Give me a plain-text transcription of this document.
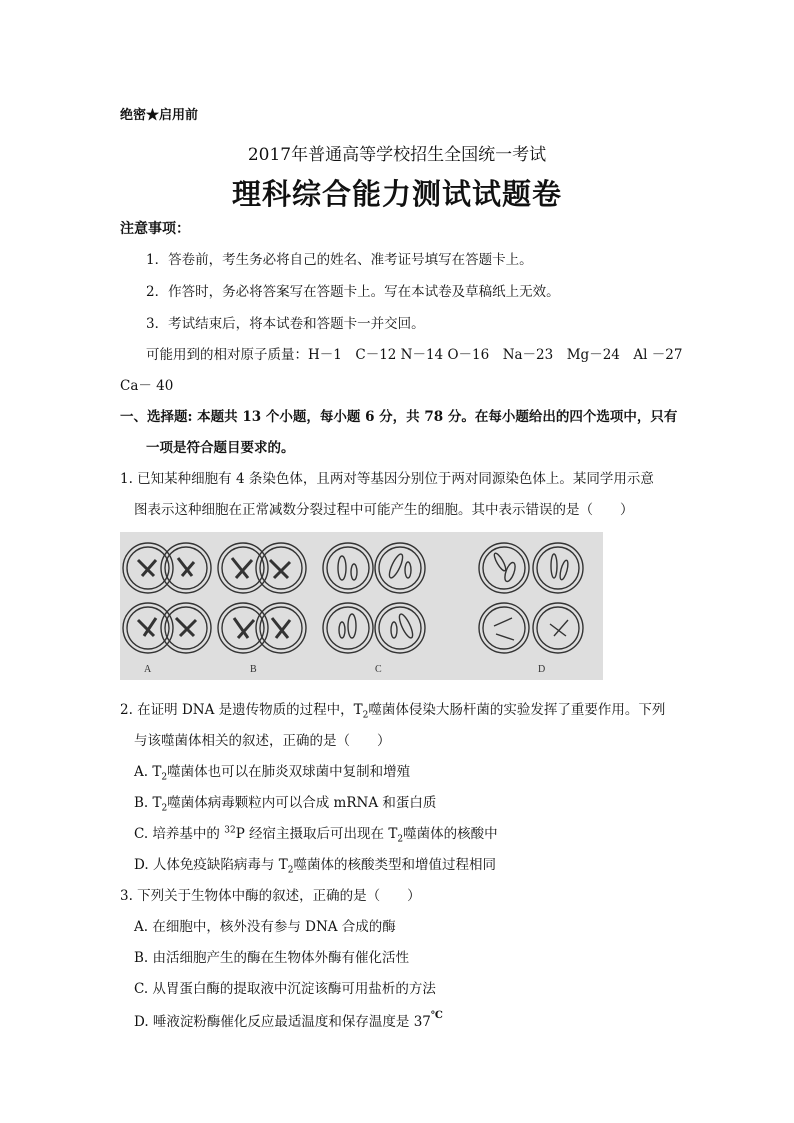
绝密★启用前
2017年普通高等学校招生全国统一考试
理科综合能力测试试题卷
注意事项：
1．答卷前，考生务必将自己的姓名、准考证号填写在答题卡上。
2．作答时，务必将答案写在答题卡上。写在本试卷及草稿纸上无效。
3．考试结束后，将本试卷和答题卡一并交回。
可能用到的相对原子质量：H－1　C－12 N－14 O－16　Na－23　Mg－24　Al －27
Ca－ 40
一、选择题: 本题共 13 个小题，每小题 6 分，共 78 分。在每小题给出的四个选项中，只有
一项是符合题目要求的。
1. 已知某种细胞有 4 条染色体，且两对等基因分别位于两对同源染色体上。某同学用示意
图表示这种细胞在正常减数分裂过程中可能产生的细胞。其中表示错误的是（　　）
A	B	C	D
2. 在证明 DNA 是遗传物质的过程中，$T_2$噬菌体侵染大肠杆菌的实验发挥了重要作用。下列
与该噬菌体相关的叙述，正确的是（　　）
A. $T_2$噬菌体也可以在肺炎双球菌中复制和增殖
B. $T_2$噬菌体病毒颗粒内可以合成 mRNA 和蛋白质
C. 培养基中的 $^{32}$P 经宿主摄取后可出现在 $T_2$噬菌体的核酸中
D. 人体免疫缺陷病毒与 $T_2$噬菌体的核酸类型和增值过程相同
3. 下列关于生物体中酶的叙述，正确的是（　　）
A. 在细胞中，核外没有参与 DNA 合成的酶
B. 由活细胞产生的酶在生物体外酶有催化活性
C. 从胃蛋白酶的提取液中沉淀该酶可用盐析的方法
D. 唾液淀粉酶催化反应最适温度和保存温度是 37℃
